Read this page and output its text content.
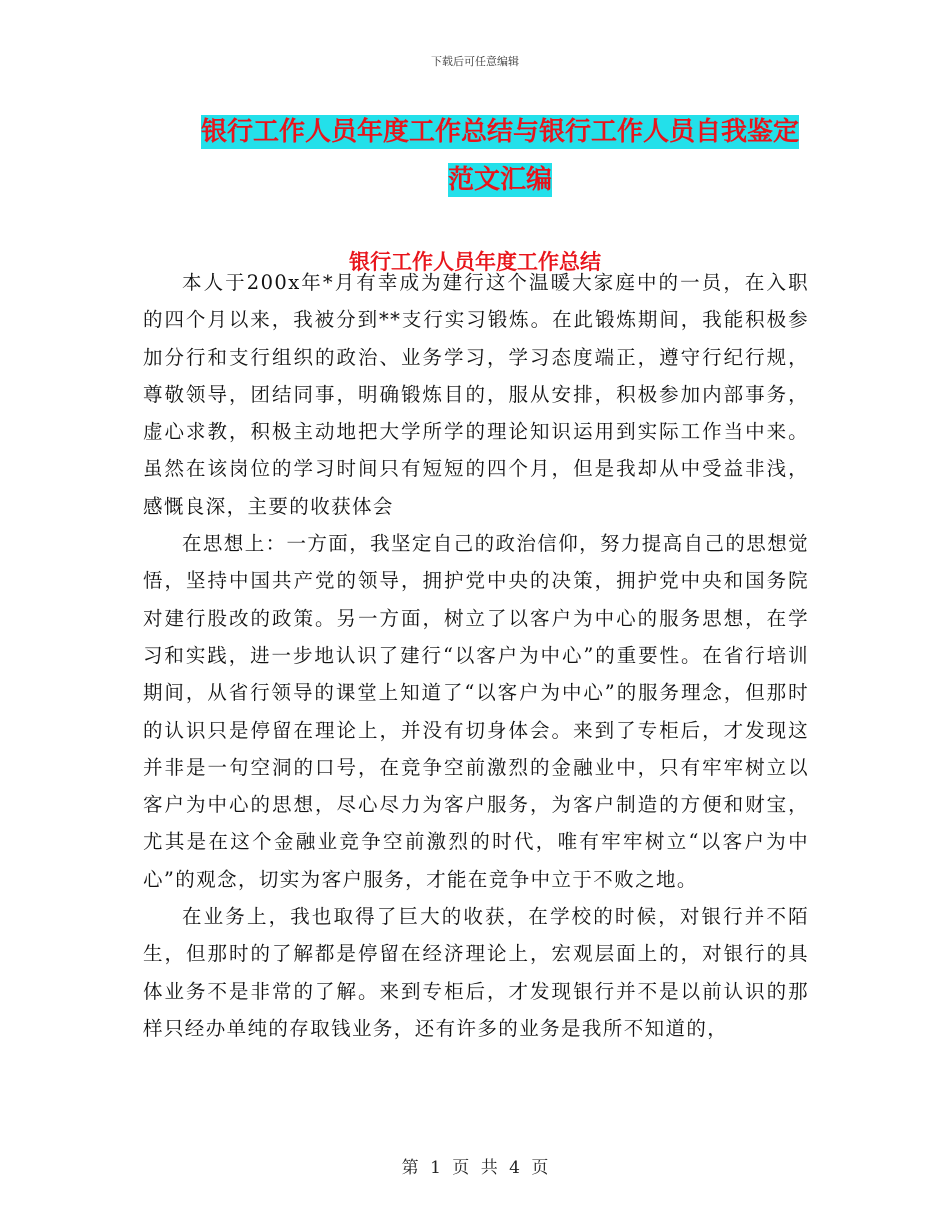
下载后可任意编辑
银行工作人员年度工作总结与银行工作人员自我鉴定
范文汇编
银行工作人员年度工作总结

本人于200x年*月有幸成为建行这个温暖大家庭中的一员，在入职的四个月以来，我被分到**支行实习锻炼。在此锻炼期间，我能积极参加分行和支行组织的政治、业务学习，学习态度端正，遵守行纪行规，尊敬领导，团结同事，明确锻炼目的，服从安排，积极参加内部事务，虚心求教，积极主动地把大学所学的理论知识运用到实际工作当中来。虽然在该岗位的学习时间只有短短的四个月，但是我却从中受益非浅，感慨良深，主要的收获体会

在思想上：一方面，我坚定自己的政治信仰，努力提高自己的思想觉悟，坚持中国共产党的领导，拥护党中央的决策，拥护党中央和国务院对建行股改的政策。另一方面，树立了以客户为中心的服务思想，在学习和实践，进一步地认识了建行“以客户为中心”的重要性。在省行培训期间，从省行领导的课堂上知道了“以客户为中心”的服务理念，但那时的认识只是停留在理论上，并没有切身体会。来到了专柜后，才发现这并非是一句空洞的口号，在竞争空前激烈的金融业中，只有牢牢树立以客户为中心的思想，尽心尽力为客户服务，为客户制造的方便和财宝，尤其是在这个金融业竞争空前激烈的时代，唯有牢牢树立“以客户为中心”的观念，切实为客户服务，才能在竞争中立于不败之地。

在业务上，我也取得了巨大的收获，在学校的时候，对银行并不陌生，但那时的了解都是停留在经济理论上，宏观层面上的，对银行的具体业务不是非常的了解。来到专柜后，才发现银行并不是以前认识的那样只经办单纯的存取钱业务，还有许多的业务是我所不知道的，

第 1 页 共 4 页
